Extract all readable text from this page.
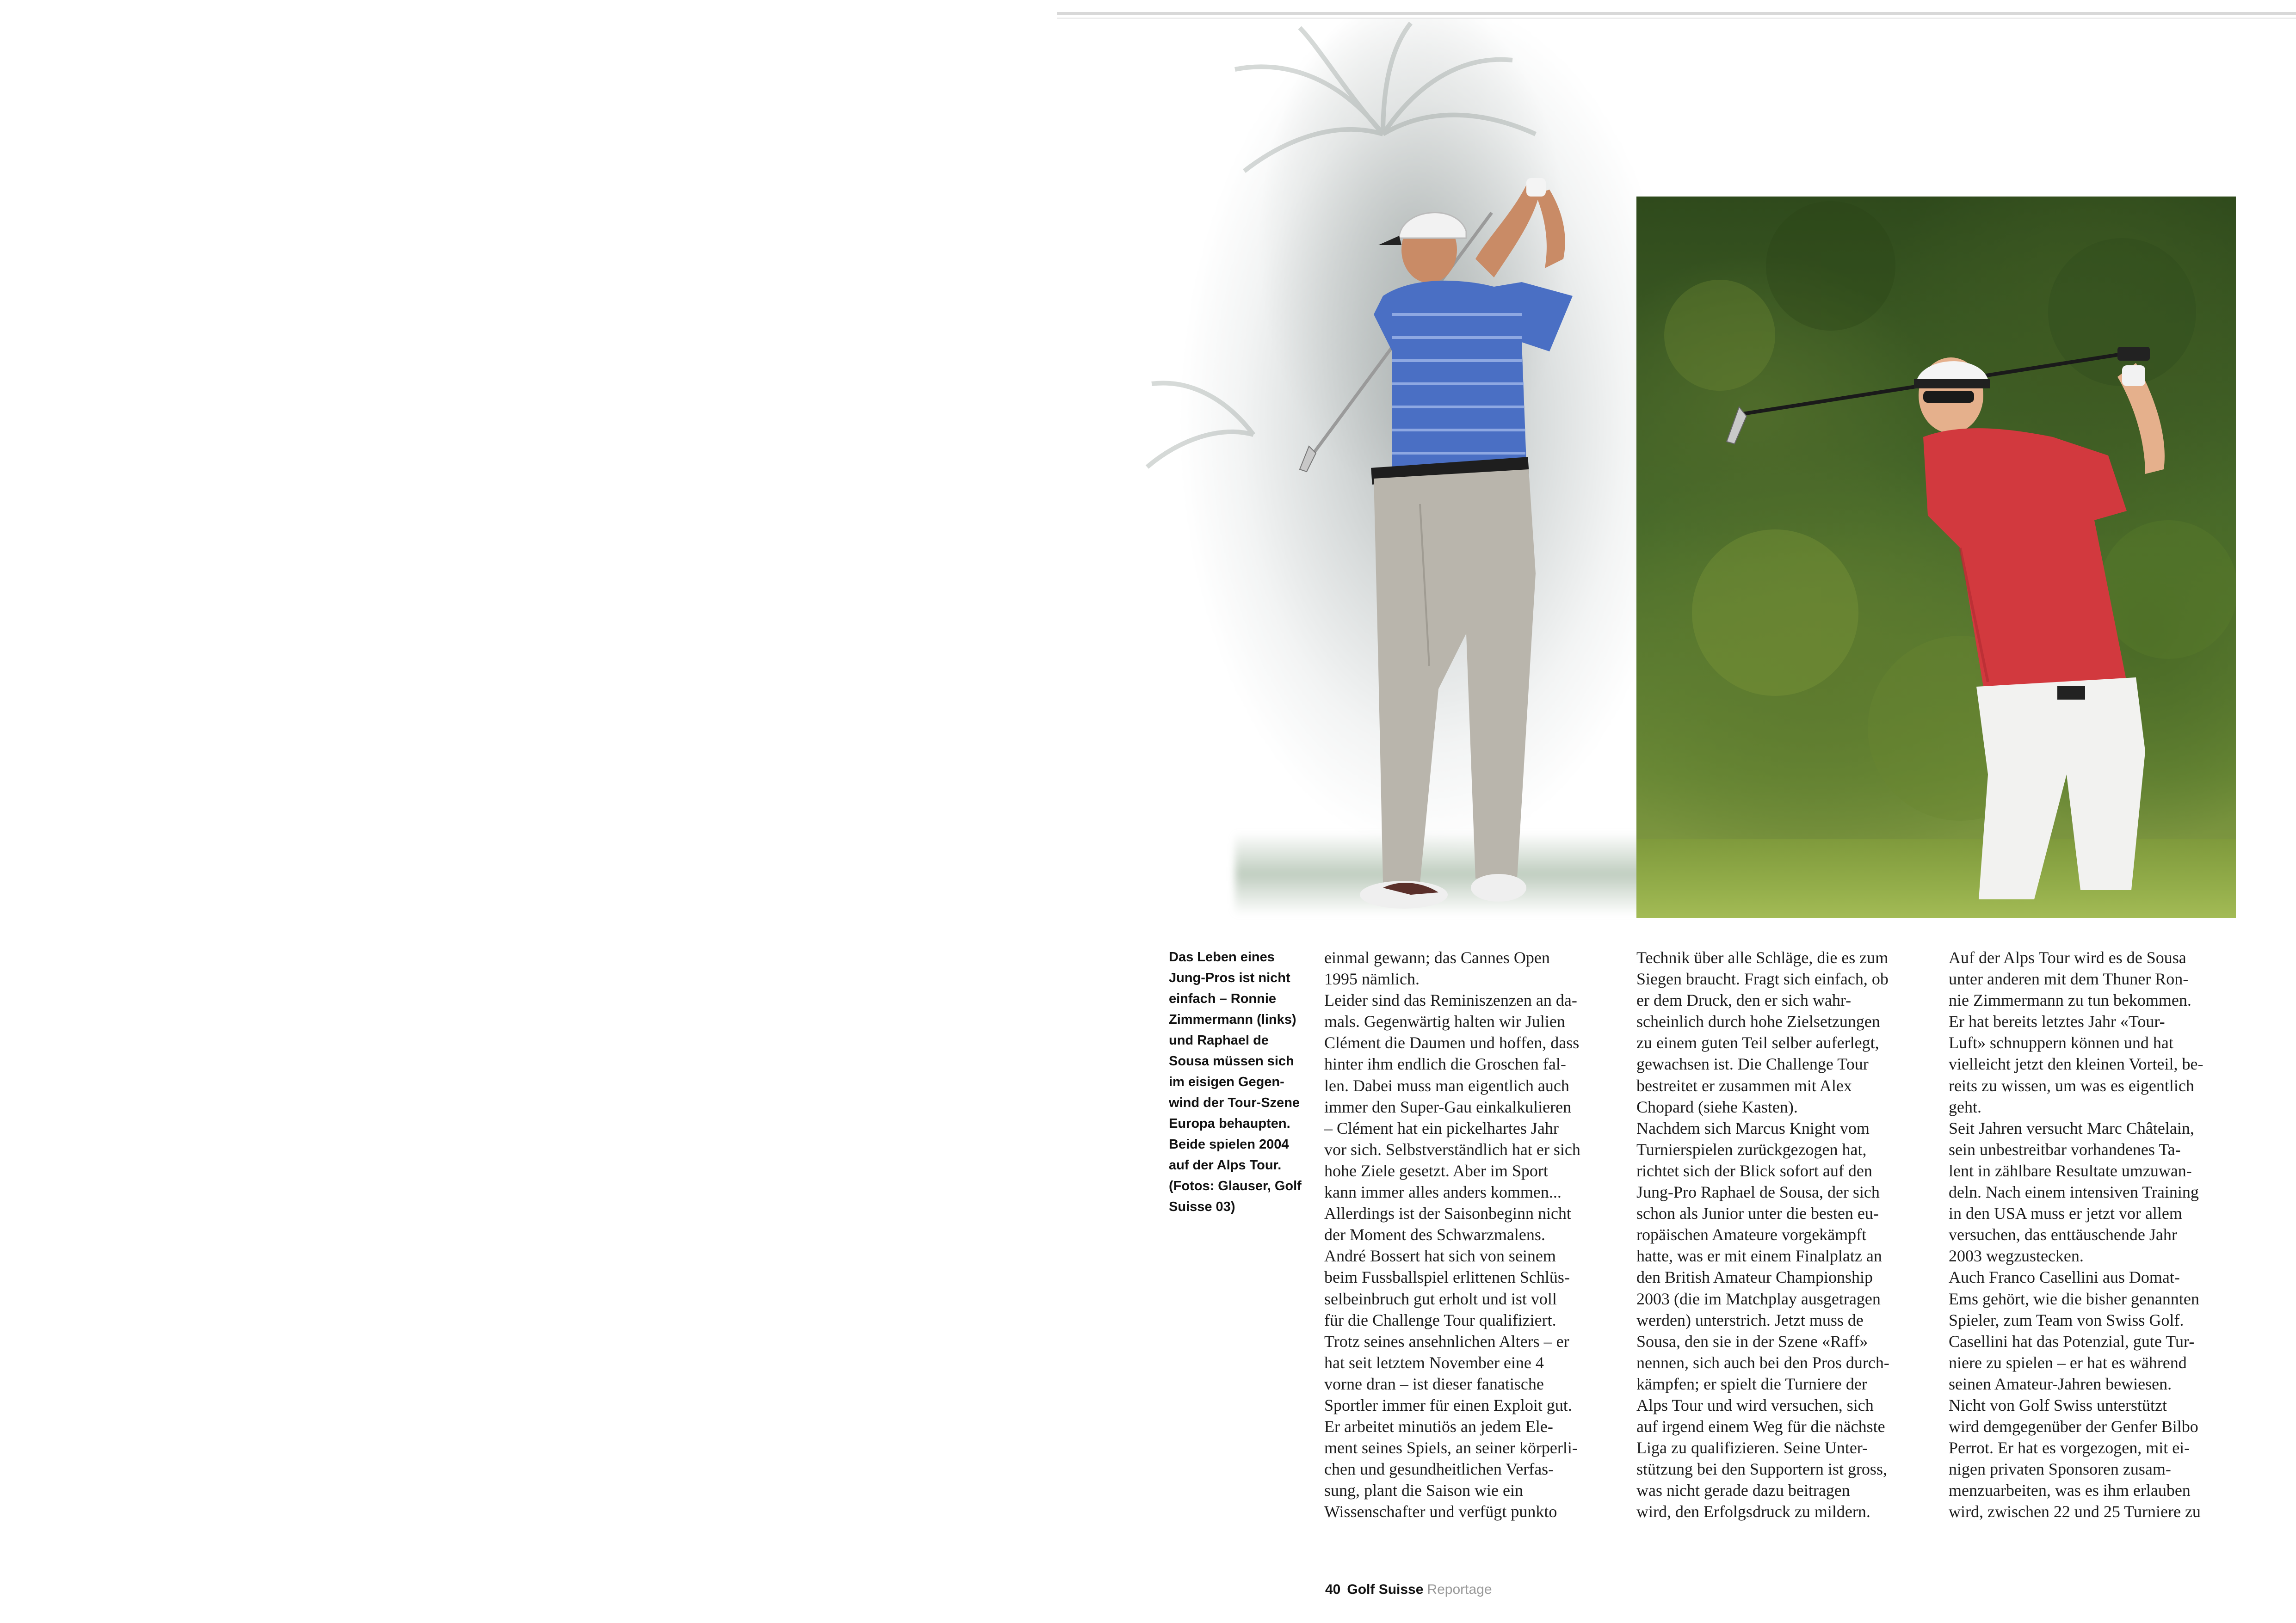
Das Leben eines
Jung-Pros ist nicht
einfach – Ronnie
Zimmermann (links)
und Raphael de
Sousa müssen sich
im eisigen Gegen-
wind der Tour-Szene
Europa behaupten.
Beide spielen 2004
auf der Alps Tour.
(Fotos: Glauser, Golf
Suisse 03)
einmal gewann; das Cannes Open
1995 nämlich.
Leider sind das Reminiszenzen an da-
mals. Gegenwärtig halten wir Julien
Clément die Daumen und hoffen, dass
hinter ihm endlich die Groschen fal-
len. Dabei muss man eigentlich auch
immer den Super-Gau einkalkulieren
– Clément hat ein pickelhartes Jahr
vor sich. Selbstverständlich hat er sich
hohe Ziele gesetzt. Aber im Sport
kann immer alles anders kommen...
Allerdings ist der Saisonbeginn nicht
der Moment des Schwarzmalens.
André Bossert hat sich von seinem
beim Fussballspiel erlittenen Schlüs-
selbeinbruch gut erholt und ist voll
für die Challenge Tour qualifiziert.
Trotz seines ansehnlichen Alters – er
hat seit letztem November eine 4
vorne dran – ist dieser fanatische
Sportler immer für einen Exploit gut.
Er arbeitet minutiös an jedem Ele-
ment seines Spiels, an seiner körperli-
chen und gesundheitlichen Verfas-
sung, plant die Saison wie ein
Wissenschafter und verfügt punkto
Technik über alle Schläge, die es zum
Siegen braucht. Fragt sich einfach, ob
er dem Druck, den er sich wahr-
scheinlich durch hohe Zielsetzungen
zu einem guten Teil selber auferlegt,
gewachsen ist. Die Challenge Tour
bestreitet er zusammen mit Alex
Chopard (siehe Kasten).
Nachdem sich Marcus Knight vom
Turnierspielen zurückgezogen hat,
richtet sich der Blick sofort auf den
Jung-Pro Raphael de Sousa, der sich
schon als Junior unter die besten eu-
ropäischen Amateure vorgekämpft
hatte, was er mit einem Finalplatz an
den British Amateur Championship
2003 (die im Matchplay ausgetragen
werden) unterstrich. Jetzt muss de
Sousa, den sie in der Szene «Raff»
nennen, sich auch bei den Pros durch-
kämpfen; er spielt die Turniere der
Alps Tour und wird versuchen, sich
auf irgend einem Weg für die nächste
Liga zu qualifizieren. Seine Unter-
stützung bei den Supportern ist gross,
was nicht gerade dazu beitragen
wird, den Erfolgsdruck zu mildern.
Auf der Alps Tour wird es de Sousa
unter anderen mit dem Thuner Ron-
nie Zimmermann zu tun bekommen.
Er hat bereits letztes Jahr «Tour-
Luft» schnuppern können und hat
vielleicht jetzt den kleinen Vorteil, be-
reits zu wissen, um was es eigentlich
geht.
Seit Jahren versucht Marc Châtelain,
sein unbestreitbar vorhandenes Ta-
lent in zählbare Resultate umzuwan-
deln. Nach einem intensiven Training
in den USA muss er jetzt vor allem
versuchen, das enttäuschende Jahr
2003 wegzustecken.
Auch Franco Casellini aus Domat-
Ems gehört, wie die bisher genannten
Spieler, zum Team von Swiss Golf.
Casellini hat das Potenzial, gute Tur-
niere zu spielen – er hat es während
seinen Amateur-Jahren bewiesen.
Nicht von Golf Swiss unterstützt
wird demgegenüber der Genfer Bilbo
Perrot. Er hat es vorgezogen, mit ei-
nigen privaten Sponsoren zusam-
menzuarbeiten, was es ihm erlauben
wird, zwischen 22 und 25 Turniere zu
40 Golf Suisse Reportage
